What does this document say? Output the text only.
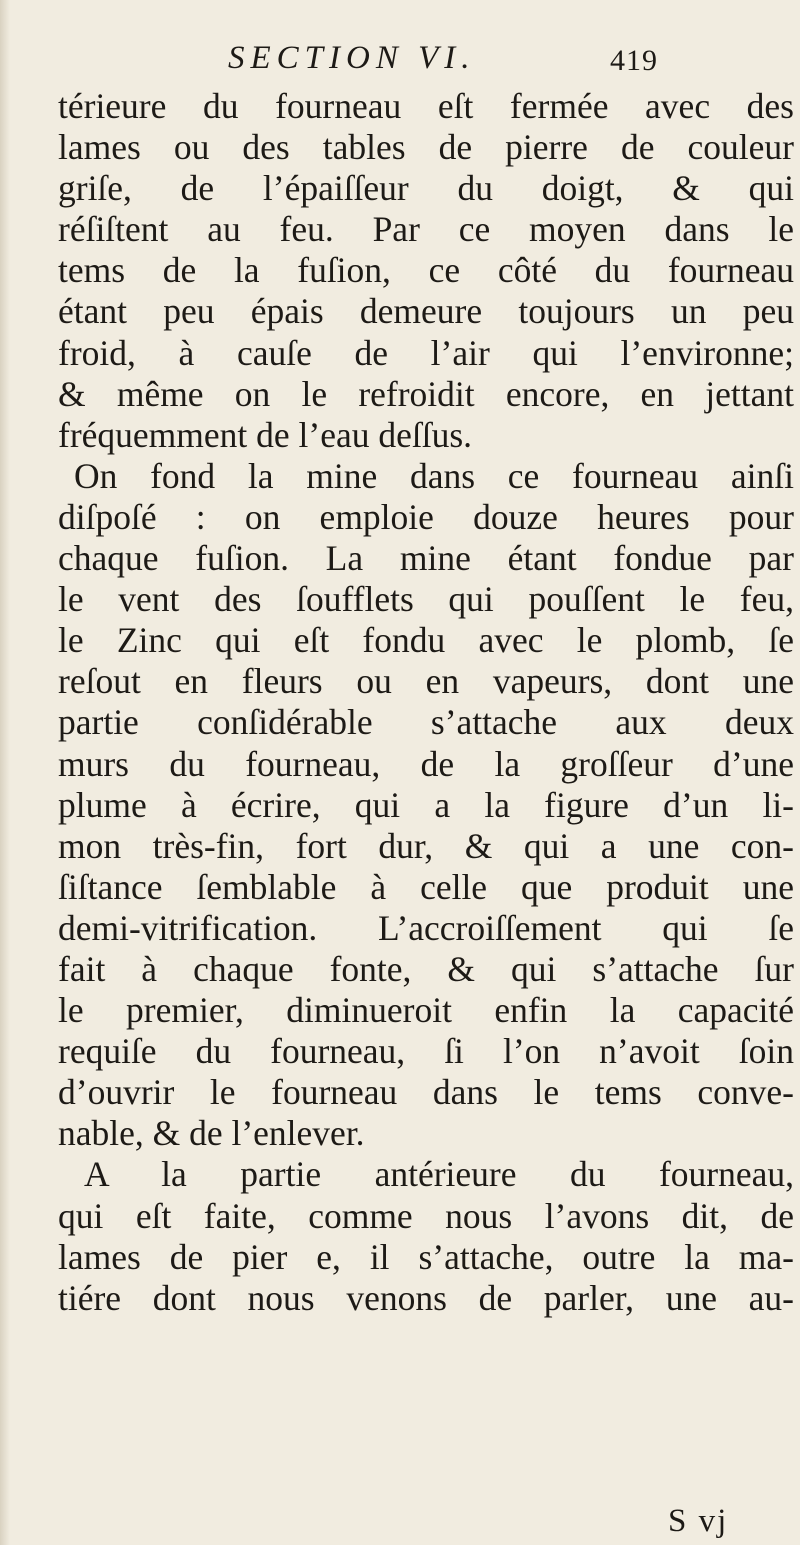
SECTION VI.	419
térieure du fourneau eſt fermée avec des
lames ou des tables de pierre de couleur
griſe, de l’épaiſſeur du doigt, & qui
réſiſtent au feu. Par ce moyen dans le
tems de la fuſion, ce côté du fourneau
étant peu épais demeure toujours un peu
froid, à cauſe de l’air qui l’environne;
& même on le refroidit encore, en jettant
fréquemment de l’eau deſſus.
On fond la mine dans ce fourneau ainſi
diſpoſé : on emploie douze heures pour
chaque fuſion. La mine étant fondue par
le vent des ſoufflets qui pouſſent le feu,
le Zinc qui eſt fondu avec le plomb, ſe
reſout en fleurs ou en vapeurs, dont une
partie conſidérable s’attache aux deux
murs du fourneau, de la groſſeur d’une
plume à écrire, qui a la figure d’un li-
mon très-fin, fort dur, & qui a une con-
ſiſtance ſemblable à celle que produit une
demi-vitrification. L’accroiſſement qui ſe
fait à chaque fonte, & qui s’attache ſur
le premier, diminueroit enfin la capacité
requiſe du fourneau, ſi l’on n’avoit ſoin
d’ouvrir le fourneau dans le tems conve-
nable, & de l’enlever.
A la partie antérieure du fourneau,
qui eſt faite, comme nous l’avons dit, de
lames de pier e, il s’attache, outre la ma-
tiére dont nous venons de parler, une au-
S vj
